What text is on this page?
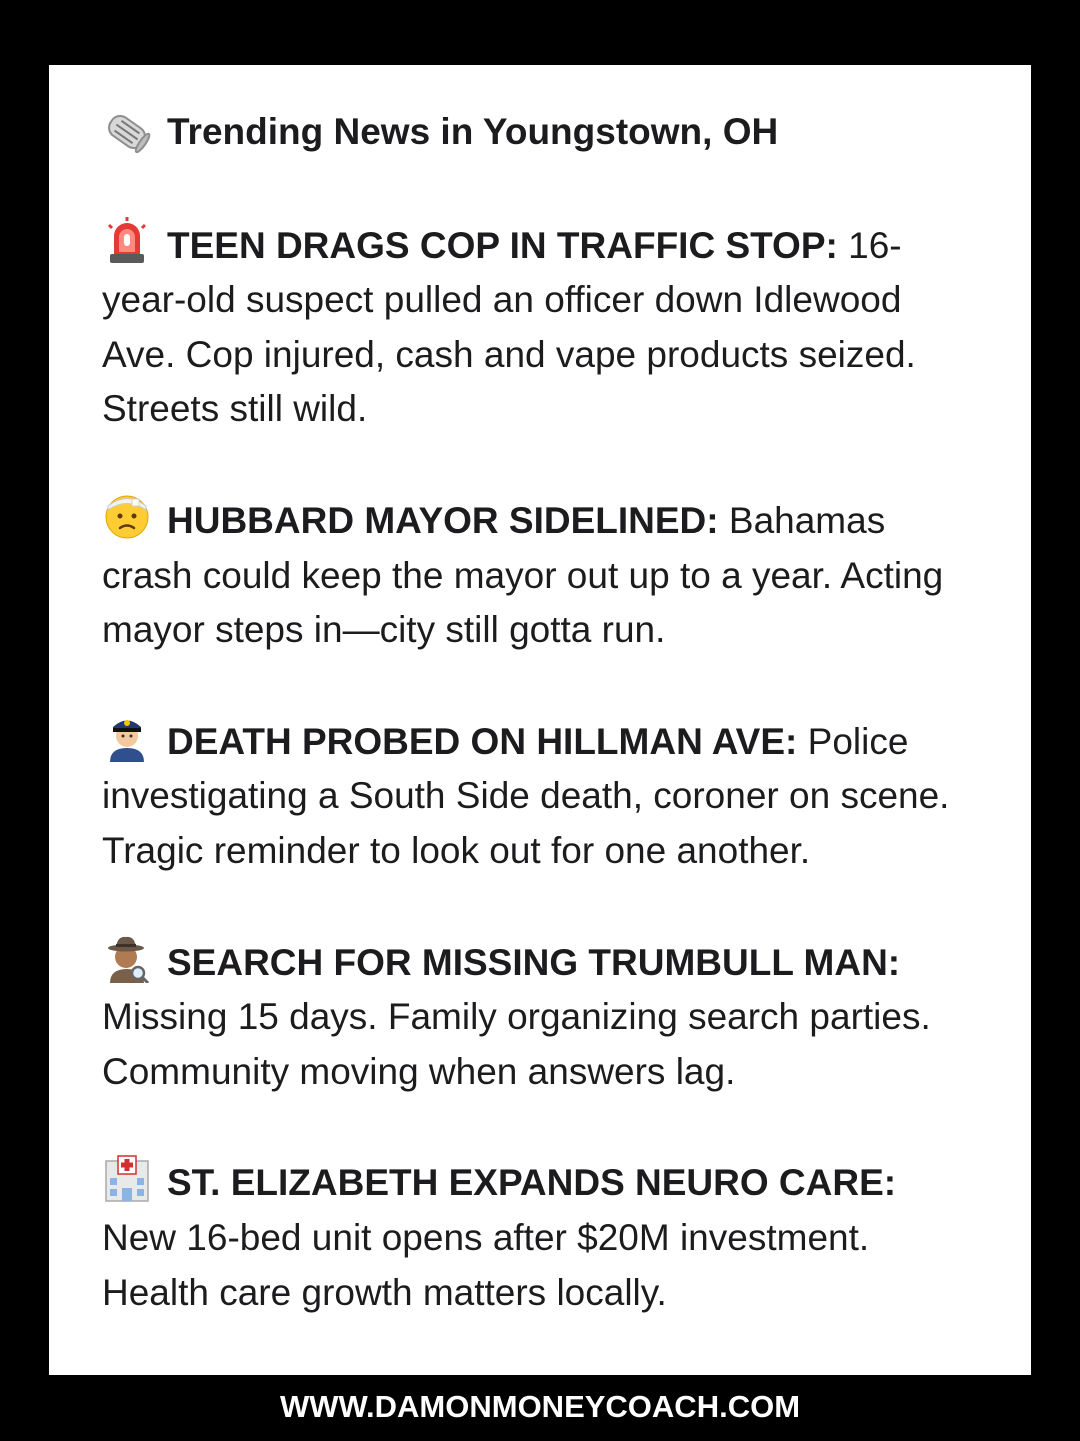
Trending News in Youngstown, OH
TEEN DRAGS COP IN TRAFFIC STOP: 16-year-old suspect pulled an officer down Idlewood Ave. Cop injured, cash and vape products seized. Streets still wild.
HUBBARD MAYOR SIDELINED: Bahamas crash could keep the mayor out up to a year. Acting mayor steps in—city still gotta run.
DEATH PROBED ON HILLMAN AVE: Police investigating a South Side death, coroner on scene. Tragic reminder to look out for one another.
SEARCH FOR MISSING TRUMBULL MAN: Missing 15 days. Family organizing search parties. Community moving when answers lag.
ST. ELIZABETH EXPANDS NEURO CARE: New 16-bed unit opens after $20M investment. Health care growth matters locally.
WWW.DAMONMONEYCOACH.COM
